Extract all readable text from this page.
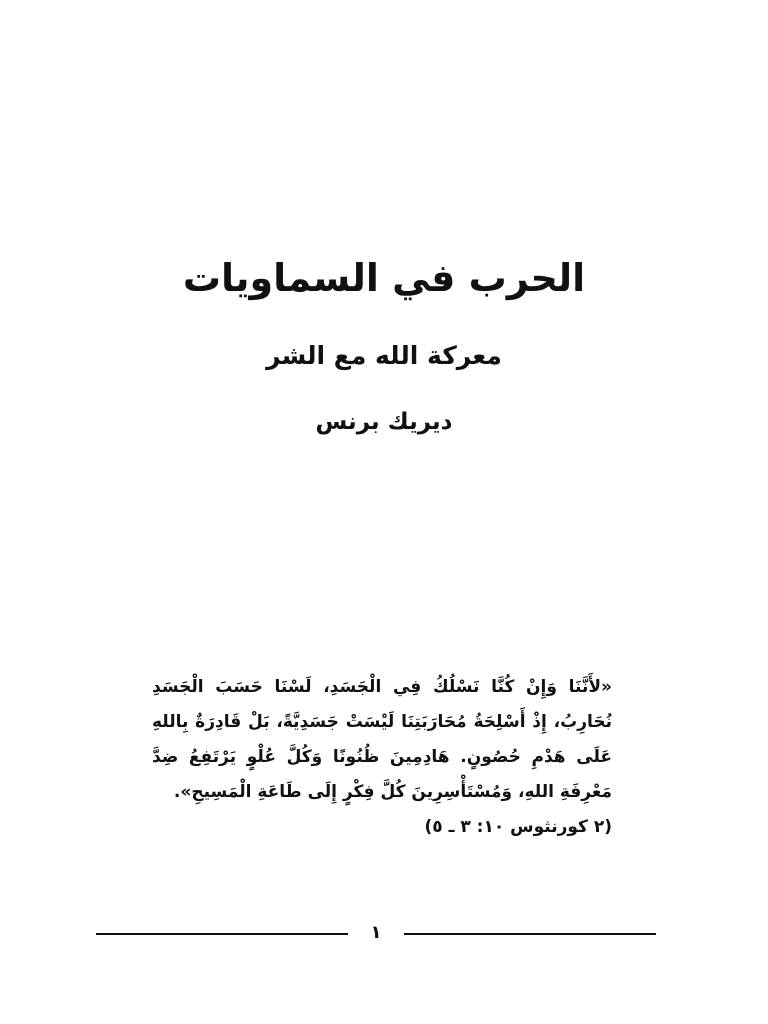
الحرب في السماويات
معركة الله مع الشر
ديريك برنس

«لأَنَّنَا وَإِنْ كُنَّا نَسْلُكُ فِي الْجَسَدِ، لَسْنَا حَسَبَ الْجَسَدِ نُحَارِبُ، إِذْ أَسْلِحَةُ مُحَارَبَتِنَا لَيْسَتْ جَسَدِيَّةً، بَلْ قَادِرَةٌ بِاللهِ عَلَى هَدْمِ حُصُونٍ. هَادِمِينَ ظُنُونًا وَكُلَّ عُلْوٍ يَرْتَفِعُ ضِدَّ مَعْرِفَةِ اللهِ، وَمُسْتَأْسِرِينَ كُلَّ فِكْرٍ إِلَى طَاعَةِ الْمَسِيحِ».
(٢ كورنثوس ١٠: ٣ ـ ٥)

١
